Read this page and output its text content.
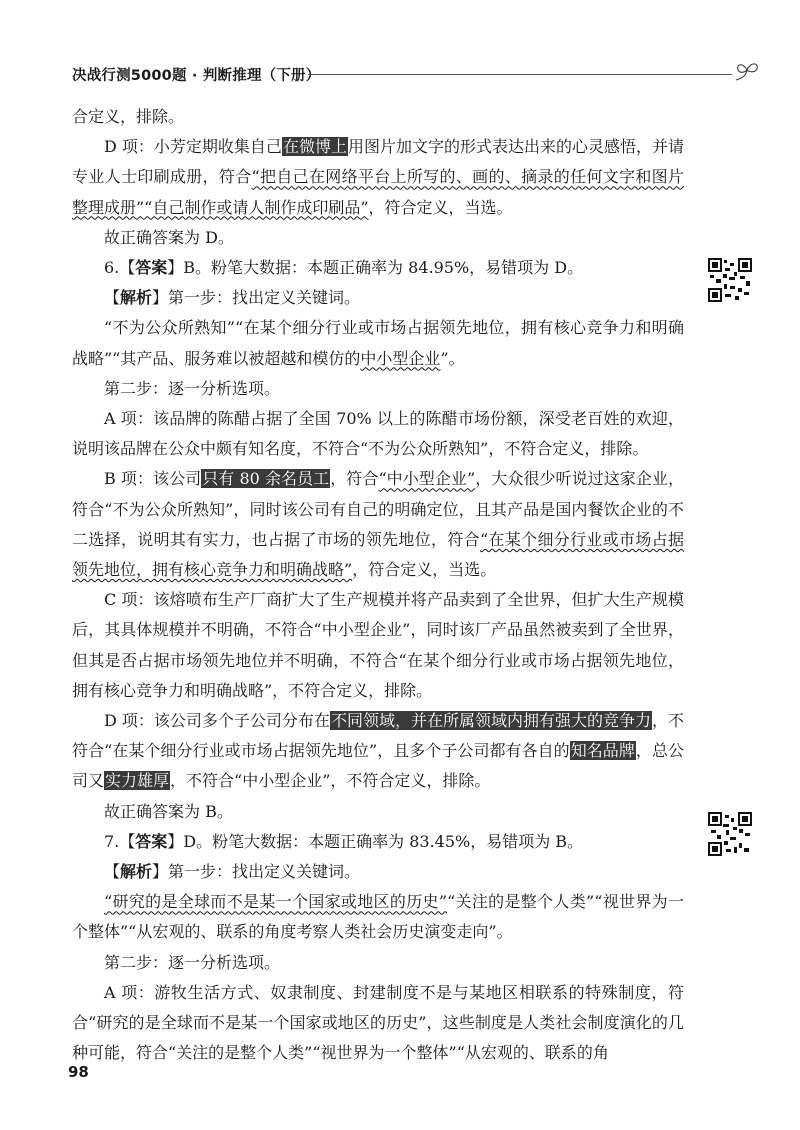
决战行测5000题 · 判断推理（下册）

合定义，排除。

D 项：小芳定期收集自己在微博上用图片加文字的形式表达出来的心灵感悟，并请专业人士印刷成册，符合“把自己在网络平台上所写的、画的、摘录的任何文字和图片整理成册”“自己制作或请人制作成印刷品”，符合定义，当选。

故正确答案为 D。

6.【答案】B。粉笔大数据：本题正确率为 84.95%，易错项为 D。

【解析】第一步：找出定义关键词。

“不为公众所熟知”“在某个细分行业或市场占据领先地位，拥有核心竞争力和明确战略”“其产品、服务难以被超越和模仿的中小型企业”。

第二步：逐一分析选项。

A 项：该品牌的陈醋占据了全国 70% 以上的陈醋市场份额，深受老百姓的欢迎，说明该品牌在公众中颇有知名度，不符合“不为公众所熟知”，不符合定义，排除。

B 项：该公司只有 80 余名员工，符合“中小型企业”，大众很少听说过这家企业，符合“不为公众所熟知”，同时该公司有自己的明确定位，且其产品是国内餐饮企业的不二选择，说明其有实力，也占据了市场的领先地位，符合“在某个细分行业或市场占据领先地位，拥有核心竞争力和明确战略”，符合定义，当选。

C 项：该熔喷布生产厂商扩大了生产规模并将产品卖到了全世界，但扩大生产规模后，其具体规模并不明确，不符合“中小型企业”，同时该厂产品虽然被卖到了全世界，但其是否占据市场领先地位并不明确，不符合“在某个细分行业或市场占据领先地位，拥有核心竞争力和明确战略”，不符合定义，排除。

D 项：该公司多个子公司分布在不同领域，并在所属领域内拥有强大的竞争力，不符合“在某个细分行业或市场占据领先地位”，且多个子公司都有各自的知名品牌，总公司又实力雄厚，不符合“中小型企业”，不符合定义，排除。

故正确答案为 B。

7.【答案】D。粉笔大数据：本题正确率为 83.45%，易错项为 B。

【解析】第一步：找出定义关键词。

“研究的是全球而不是某一个国家或地区的历史”“关注的是整个人类”“视世界为一个整体”“从宏观的、联系的角度考察人类社会历史演变走向”。

第二步：逐一分析选项。

A 项：游牧生活方式、奴隶制度、封建制度不是与某地区相联系的特殊制度，符合“研究的是全球而不是某一个国家或地区的历史”，这些制度是人类社会制度演化的几种可能，符合“关注的是整个人类”“视世界为一个整体”“从宏观的、联系的角

98
